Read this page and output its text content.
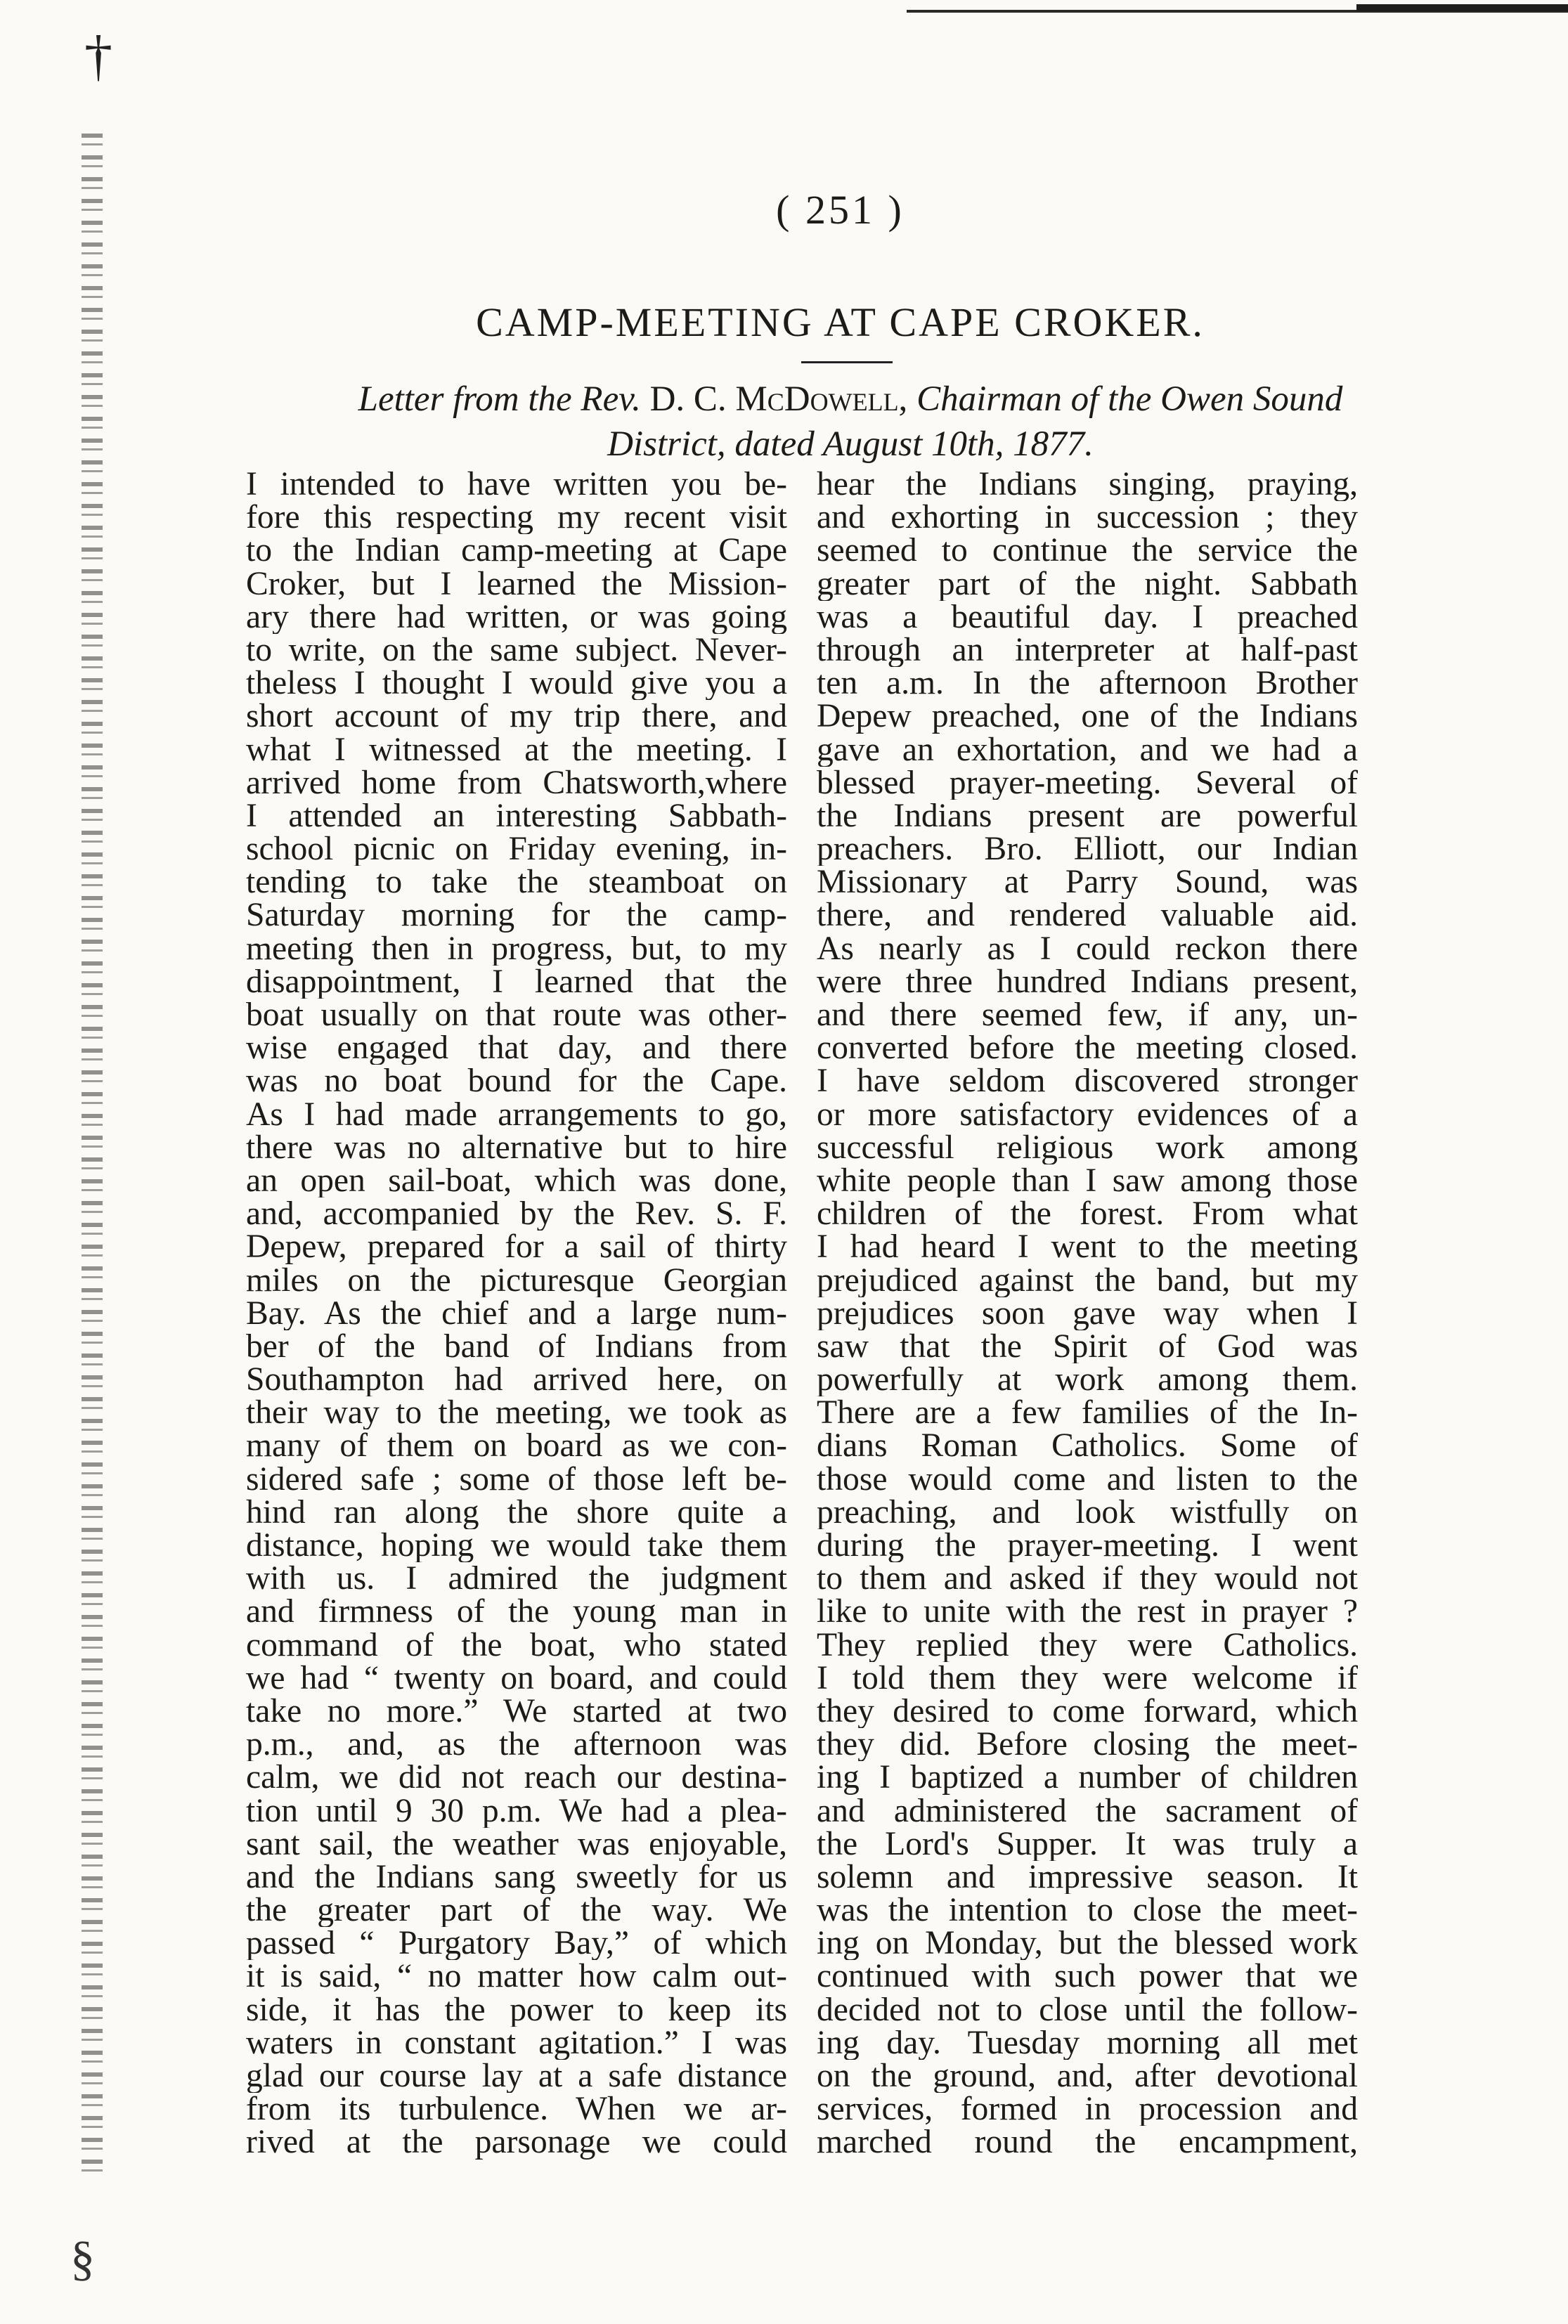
†
§
( 251 )
CAMP-MEETING AT CAPE CROKER.
Letter from the Rev. D. C. McDowell, Chairman of the Owen Sound
District, dated August 10th, 1877.
I intended to have written you be-
fore this respecting my recent visit
to the Indian camp-meeting at Cape
Croker, but I learned the Mission-
ary there had written, or was going
to write, on the same subject. Never-
theless I thought I would give you a
short account of my trip there, and
what I witnessed at the meeting. I
arrived home from Chatsworth,where
I attended an interesting Sabbath-
school picnic on Friday evening, in-
tending to take the steamboat on
Saturday morning for the camp-
meeting then in progress, but, to my
disappointment, I learned that the
boat usually on that route was other-
wise engaged that day, and there
was no boat bound for the Cape.
As I had made arrangements to go,
there was no alternative but to hire
an open sail-boat, which was done,
and, accompanied by the Rev. S. F.
Depew, prepared for a sail of thirty
miles on the picturesque Georgian
Bay. As the chief and a large num-
ber of the band of Indians from
Southampton had arrived here, on
their way to the meeting, we took as
many of them on board as we con-
sidered safe ; some of those left be-
hind ran along the shore quite a
distance, hoping we would take them
with us. I admired the judgment
and firmness of the young man in
command of the boat, who stated
we had “ twenty on board, and could
take no more.” We started at two
p.m., and, as the afternoon was
calm, we did not reach our destina-
tion until 9 30 p.m. We had a plea-
sant sail, the weather was enjoyable,
and the Indians sang sweetly for us
the greater part of the way. We
passed “ Purgatory Bay,” of which
it is said, “ no matter how calm out-
side, it has the power to keep its
waters in constant agitation.” I was
glad our course lay at a safe distance
from its turbulence. When we ar-
rived at the parsonage we could
hear the Indians singing, praying,
and exhorting in succession ; they
seemed to continue the service the
greater part of the night. Sabbath
was a beautiful day. I preached
through an interpreter at half-past
ten a.m. In the afternoon Brother
Depew preached, one of the Indians
gave an exhortation, and we had a
blessed prayer-meeting. Several of
the Indians present are powerful
preachers. Bro. Elliott, our Indian
Missionary at Parry Sound, was
there, and rendered valuable aid.
As nearly as I could reckon there
were three hundred Indians present,
and there seemed few, if any, un-
converted before the meeting closed.
I have seldom discovered stronger
or more satisfactory evidences of a
successful religious work among
white people than I saw among those
children of the forest. From what
I had heard I went to the meeting
prejudiced against the band, but my
prejudices soon gave way when I
saw that the Spirit of God was
powerfully at work among them.
There are a few families of the In-
dians Roman Catholics. Some of
those would come and listen to the
preaching, and look wistfully on
during the prayer-meeting. I went
to them and asked if they would not
like to unite with the rest in prayer ?
They replied they were Catholics.
I told them they were welcome if
they desired to come forward, which
they did. Before closing the meet-
ing I baptized a number of children
and administered the sacrament of
the Lord's Supper. It was truly a
solemn and impressive season. It
was the intention to close the meet-
ing on Monday, but the blessed work
continued with such power that we
decided not to close until the follow-
ing day. Tuesday morning all met
on the ground, and, after devotional
services, formed in procession and
marched round the encampment,
